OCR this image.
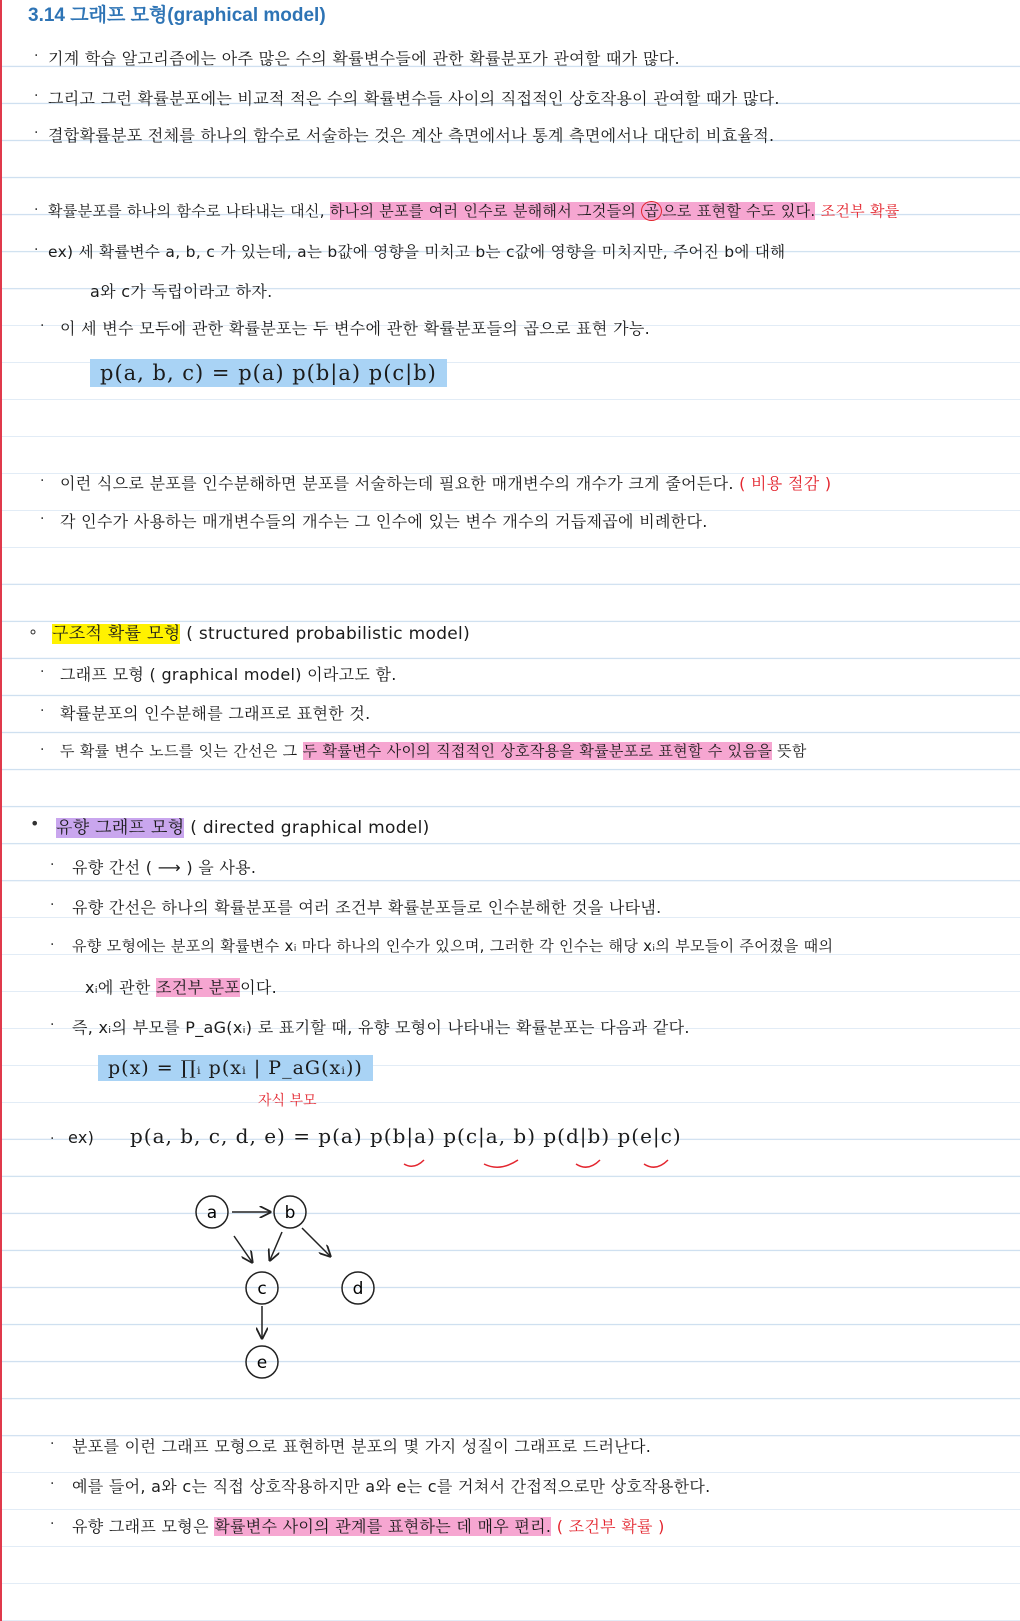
3.14 그래프 모형(graphical model)
· 기계 학습 알고리즘에는 아주 많은 수의 확률변수들에 관한 확률분포가 관여할 때가 많다.
· 그리고 그런 확률분포에는 비교적 적은 수의 확률변수들 사이의 직접적인 상호작용이 관여할 때가 많다.
· 결합확률분포 전체를 하나의 함수로 서술하는 것은 계산 측면에서나 통계 측면에서나 대단히 비효율적.
· 확률분포를 하나의 함수로 나타내는 대신, 하나의 분포를 여러 인수로 분해해서 그것들의 곱 으로 표현할 수도 있다. 조건부 확률
· ex) 세 확률변수 a, b, c 가 있는데, a는 b값에 영향을 미치고 b는 c값에 영향을 미치지만, 주어진 b에 대해
a와 c가 독립이라고 하자.
· 이 세 변수 모두에 관한 확률분포는 두 변수에 관한 확률분포들의 곱으로 표현 가능.
p(a, b, c) = p(a) p(b|a) p(c|b)
· 이런 식으로 분포를 인수분해하면 분포를 서술하는데 필요한 매개변수의 개수가 크게 줄어든다. ( 비용 절감 )
· 각 인수가 사용하는 매개변수들의 개수는 그 인수에 있는 변수 개수의 거듭제곱에 비례한다.
∘ 구조적 확률 모형 ( structured probabilistic model)
· 그래프 모형 ( graphical model) 이라고도 함.
· 확률분포의 인수분해를 그래프로 표현한 것.
· 두 확률 변수 노드를 잇는 간선은 그 두 확률변수 사이의 직접적인 상호작용을 확률분포로 표현할 수 있음을 뜻함
• 유향 그래프 모형 ( directed graphical model)
· 유향 간선 ( ⟶ ) 을 사용.
· 유향 간선은 하나의 확률분포를 여러 조건부 확률분포들로 인수분해한 것을 나타냄.
· 유향 모형에는 분포의 확률변수 xᵢ 마다 하나의 인수가 있으며, 그러한 각 인수는 해당 xᵢ의 부모들이 주어졌을 때의
xᵢ에 관한 조건부 분포이다.
· 즉, xᵢ의 부모를 P_aG(xᵢ) 로 표기할 때, 유향 모형이 나타내는 확률분포는 다음과 같다.
p(x) = ∏ᵢ p(xᵢ | P_aG(xᵢ))
자식 부모
· ex) p(a, b, c, d, e) = p(a) p(b|a) p(c|a, b) p(d|b) p(e|c)
a	b
c	d
e
· 분포를 이런 그래프 모형으로 표현하면 분포의 몇 가지 성질이 그래프로 드러난다.
· 예를 들어, a와 c는 직접 상호작용하지만 a와 e는 c를 거쳐서 간접적으로만 상호작용한다.
· 유향 그래프 모형은 확률변수 사이의 관계를 표현하는 데 매우 편리. ( 조건부 확률 )
